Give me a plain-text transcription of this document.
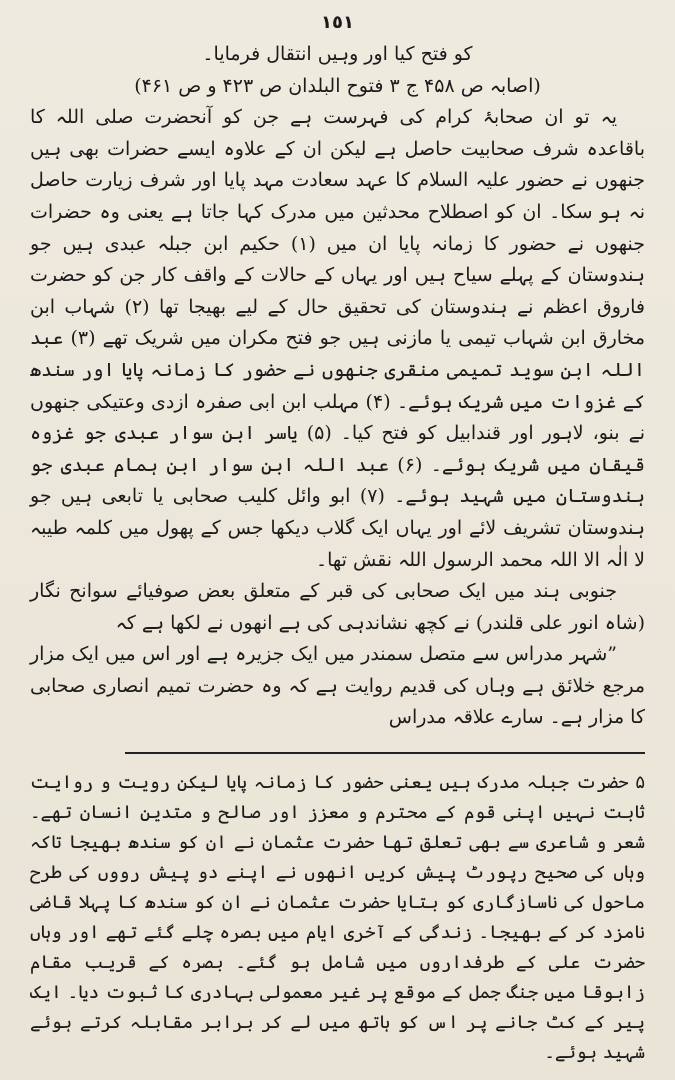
١٥١

کو فتح کیا اور وہیں انتقال فرمایا۔

(اصابہ ص ۴۵۸ ج ۳ فتوح البلدان ص ۴۲۳ و ص ۴۶۱)

یہ تو ان صحابۂ کرام کی فہرست ہے جن کو آنحضرت صلی اللہ کا باقاعدہ شرف صحابیت حاصل ہے لیکن ان کے علاوہ ایسے حضرات بھی ہیں جنھوں نے حضور علیہ السلام کا عہد سعادت مہد پایا اور شرف زیارت حاصل نہ ہو سکا۔ ان کو اصطلاح محدثین میں مدرک کہا جاتا ہے یعنی وہ حضرات جنھوں نے حضور کا زمانہ پایا ان میں (۱) حکیم ابن جبلہ عبدی ہیں جو ہندوستان کے پہلے سیاح ہیں اور یہاں کے حالات کے واقف کار جن کو حضرت فاروق اعظم نے ہندوستان کی تحقیق حال کے لیے بھیجا تھا (۲) شہاب ابن مخارق ابن شہاب تیمی یا مازنی ہیں جو فتح مکران میں شریک تھے (۳) عبد اللہ ابن سوید تمیمی منقری جنھوں نے حضور کا زمانہ پایا اور سندھ کے غزوات میں شریک ہوئے۔ (۴) مہلب ابن ابی صفرہ ازدی وعتیکی جنھوں نے بنو، لاہور اور قندابیل کو فتح کیا۔ (۵) یاسر ابن سوار عبدی جو غزوہ قیقان میں شریک ہوئے۔ (۶) عبد اللہ ابن سوار ابن ہمام عبدی جو ہندوستان میں شہید ہوئے۔ (۷) ابو وائل کلیب صحابی یا تابعی ہیں جو ہندوستان تشریف لائے اور یہاں ایک گلاب دیکھا جس کے پھول میں کلمہ طیبہ لا الٰہ الا اللہ محمد الرسول اللہ نقش تھا۔

جنوبی ہند میں ایک صحابی کی قبر کے متعلق بعض صوفیائے سوانح نگار (شاہ انور علی قلندر) نے کچھ نشاندہی کی ہے انھوں نے لکھا ہے کہ

”شہر مدراس سے متصل سمندر میں ایک جزیرہ ہے اور اس میں ایک مزار مرجع خلائق ہے وہاں کی قدیم روایت ہے کہ وہ حضرت تمیم انصاری صحابی کا مزار ہے۔ سارے علاقہ مدراس

۵ حضرت جبلہ مدرک ہیں یعنی حضور کا زمانہ پایا لیکن رویت و روایت ثابت نہیں اپنی قوم کے محترم و معزز اور صالح و متدین انسان تھے۔ شعر و شاعری سے بھی تعلق تھا حضرت عثمان نے ان کو سندھ بھیجا تاکہ وہاں کی صحیح رپورٹ پیش کریں انھوں نے اپنے دو پیش رووں کی طرح ماحول کی ناسازگاری کو بتایا حضرت عثمان نے ان کو سندھ کا پہلا قاضی نامزد کر کے بھیجا۔ زندگی کے آخری ایام میں بصرہ چلے گئے تھے اور وہاں حضرت علی کے طرفداروں میں شامل ہو گئے۔ بصرہ کے قریب مقام زابوقا میں جنگ جمل کے موقع پر غیر معمولی بہادری کا ثبوت دیا۔ ایک پیر کے کٹ جانے پر اس کو ہاتھ میں لے کر برابر مقابلہ کرتے ہوئے شہید ہوئے۔
